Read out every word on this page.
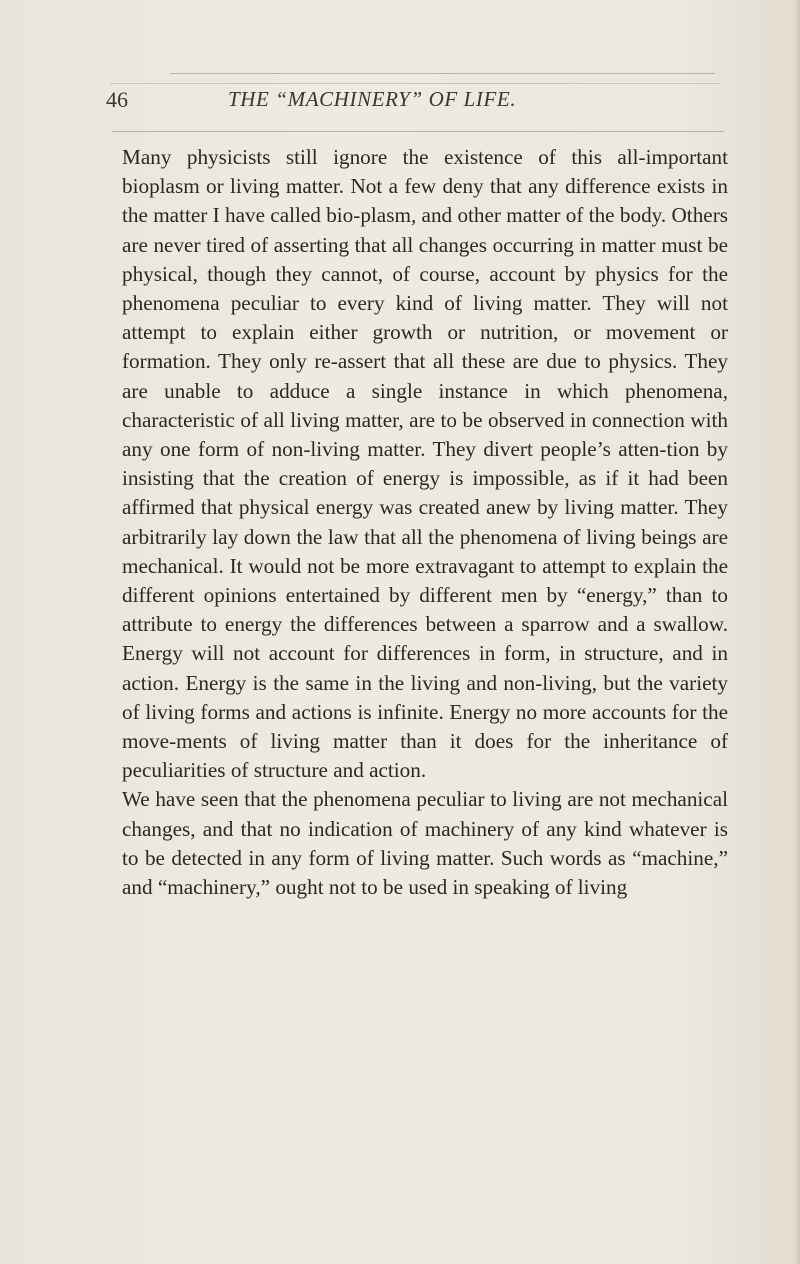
46	THE “MACHINERY” OF LIFE.

Many physicists still ignore the existence of this all-important bioplasm or living matter. Not a few deny that any difference exists in the matter I have called bio-plasm, and other matter of the body. Others are never tired of asserting that all changes occurring in matter must be physical, though they cannot, of course, account by physics for the phenomena peculiar to every kind of living matter. They will not attempt to explain either growth or nutrition, or movement or formation. They only re-assert that all these are due to physics. They are unable to adduce a single instance in which phenomena, characteristic of all living matter, are to be observed in connection with any one form of non-living matter. They divert people’s atten-tion by insisting that the creation of energy is impossible, as if it had been affirmed that physical energy was created anew by living matter. They arbitrarily lay down the law that all the phenomena of living beings are mechanical. It would not be more extravagant to attempt to explain the different opinions entertained by different men by “energy,” than to attribute to energy the differences between a sparrow and a swallow. Energy will not account for differences in form, in structure, and in action. Energy is the same in the living and non-living, but the variety of living forms and actions is infinite. Energy no more accounts for the move-ments of living matter than it does for the inheritance of peculiarities of structure and action.

We have seen that the phenomena peculiar to living are not mechanical changes, and that no indication of machinery of any kind whatever is to be detected in any form of living matter. Such words as “machine,” and “machinery,” ought not to be used in speaking of living
